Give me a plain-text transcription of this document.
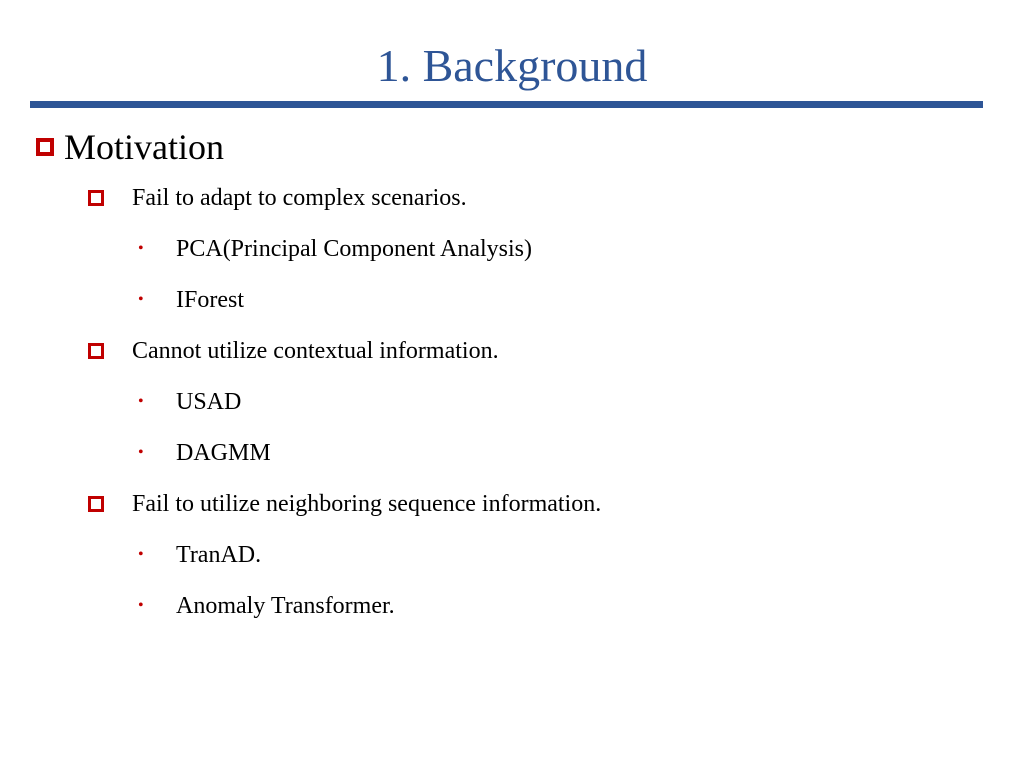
1. Background
Motivation
Fail to adapt to complex scenarios.
•	PCA(Principal Component Analysis)
•	IForest
Cannot utilize contextual information.
•	USAD
•	DAGMM
Fail to utilize neighboring sequence information.
•	TranAD.
•	Anomaly Transformer.
